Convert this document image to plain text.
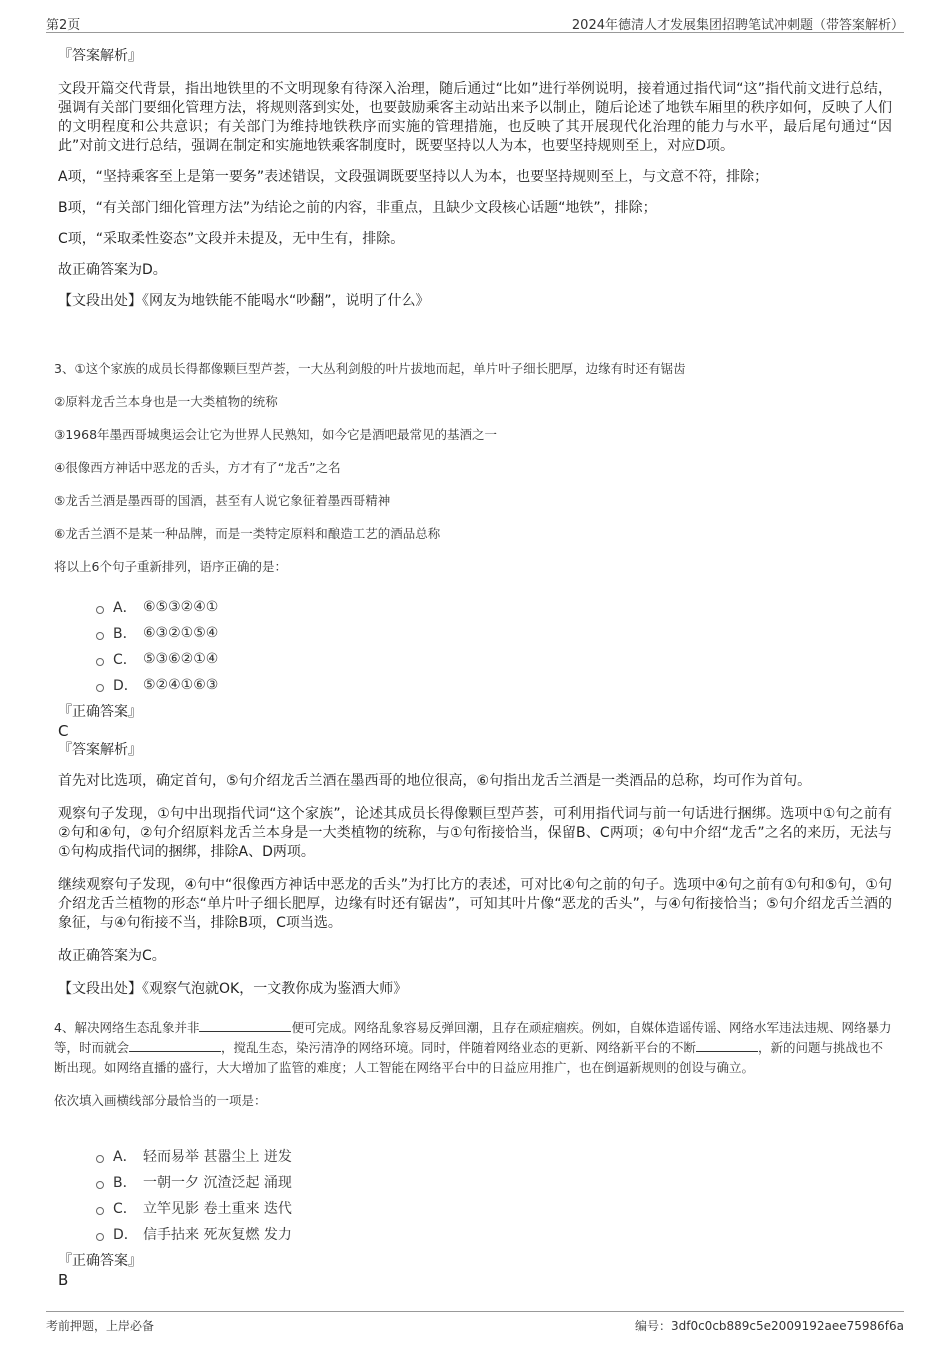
第2页	2024年德清人才发展集团招聘笔试冲刺题（带答案解析）

『答案解析』

文段开篇交代背景，指出地铁里的不文明现象有待深入治理，随后通过“比如”进行举例说明，接着通过指代词“这”指代前文进行总结，强调有关部门要细化管理方法，将规则落到实处，也要鼓励乘客主动站出来予以制止，随后论述了地铁车厢里的秩序如何，反映了人们的文明程度和公共意识；有关部门为维持地铁秩序而实施的管理措施，也反映了其开展现代化治理的能力与水平，最后尾句通过“因此”对前文进行总结，强调在制定和实施地铁乘客制度时，既要坚持以人为本，也要坚持规则至上，对应D项。

A项，“坚持乘客至上是第一要务”表述错误，文段强调既要坚持以人为本，也要坚持规则至上，与文意不符，排除；

B项，“有关部门细化管理方法”为结论之前的内容，非重点，且缺少文段核心话题“地铁”，排除；

C项，“采取柔性姿态”文段并未提及，无中生有，排除。

故正确答案为D。

【文段出处】《网友为地铁能不能喝水“吵翻”，说明了什么》

3、①这个家族的成员长得都像颗巨型芦荟，一大丛利剑般的叶片拔地而起，单片叶子细长肥厚，边缘有时还有锯齿

②原料龙舌兰本身也是一大类植物的统称

③1968年墨西哥城奥运会让它为世界人民熟知，如今它是酒吧最常见的基酒之一

④很像西方神话中恶龙的舌头，方才有了“龙舌”之名

⑤龙舌兰酒是墨西哥的国酒，甚至有人说它象征着墨西哥精神

⑥龙舌兰酒不是某一种品牌，而是一类特定原料和酿造工艺的酒品总称

将以上6个句子重新排列，语序正确的是：

A． ⑥⑤③②④①
B． ⑥③②①⑤④
C． ⑤③⑥②①④
D． ⑤②④①⑥③

『正确答案』

C

『答案解析』

首先对比选项，确定首句，⑤句介绍龙舌兰酒在墨西哥的地位很高，⑥句指出龙舌兰酒是一类酒品的总称，均可作为首句。

观察句子发现，①句中出现指代词“这个家族”，论述其成员长得像颗巨型芦荟，可利用指代词与前一句话进行捆绑。选项中①句之前有②句和④句，②句介绍原料龙舌兰本身是一大类植物的统称，与①句衔接恰当，保留B、C两项；④句中介绍“龙舌”之名的来历，无法与①句构成指代词的捆绑，排除A、D两项。

继续观察句子发现，④句中“很像西方神话中恶龙的舌头”为打比方的表述，可对比④句之前的句子。选项中④句之前有①句和⑤句，①句介绍龙舌兰植物的形态“单片叶子细长肥厚，边缘有时还有锯齿”，可知其叶片像“恶龙的舌头”，与④句衔接恰当；⑤句介绍龙舌兰酒的象征，与④句衔接不当，排除B项，C项当选。

故正确答案为C。

【文段出处】《观察气泡就OK，一文教你成为鉴酒大师》

4、解决网络生态乱象并非	便可完成。网络乱象容易反弹回潮，且存在顽症痼疾。例如，自媒体造谣传谣、网络水军违法违规、网络暴力等，时而就会	，搅乱生态，染污清净的网络环境。同时，伴随着网络业态的更新、网络新平台的不断	，新的问题与挑战也不断出现。如网络直播的盛行，大大增加了监管的难度；人工智能在网络平台中的日益应用推广，也在倒逼新规则的创设与确立。

依次填入画横线部分最恰当的一项是：

A． 轻而易举 甚嚣尘上 迸发
B． 一朝一夕 沉渣泛起 涌现
C． 立竿见影 卷土重来 迭代
D． 信手拈来 死灰复燃 发力

『正确答案』

B

考前押题，上岸必备	编号：3df0c0cb889c5e2009192aee75986f6a
